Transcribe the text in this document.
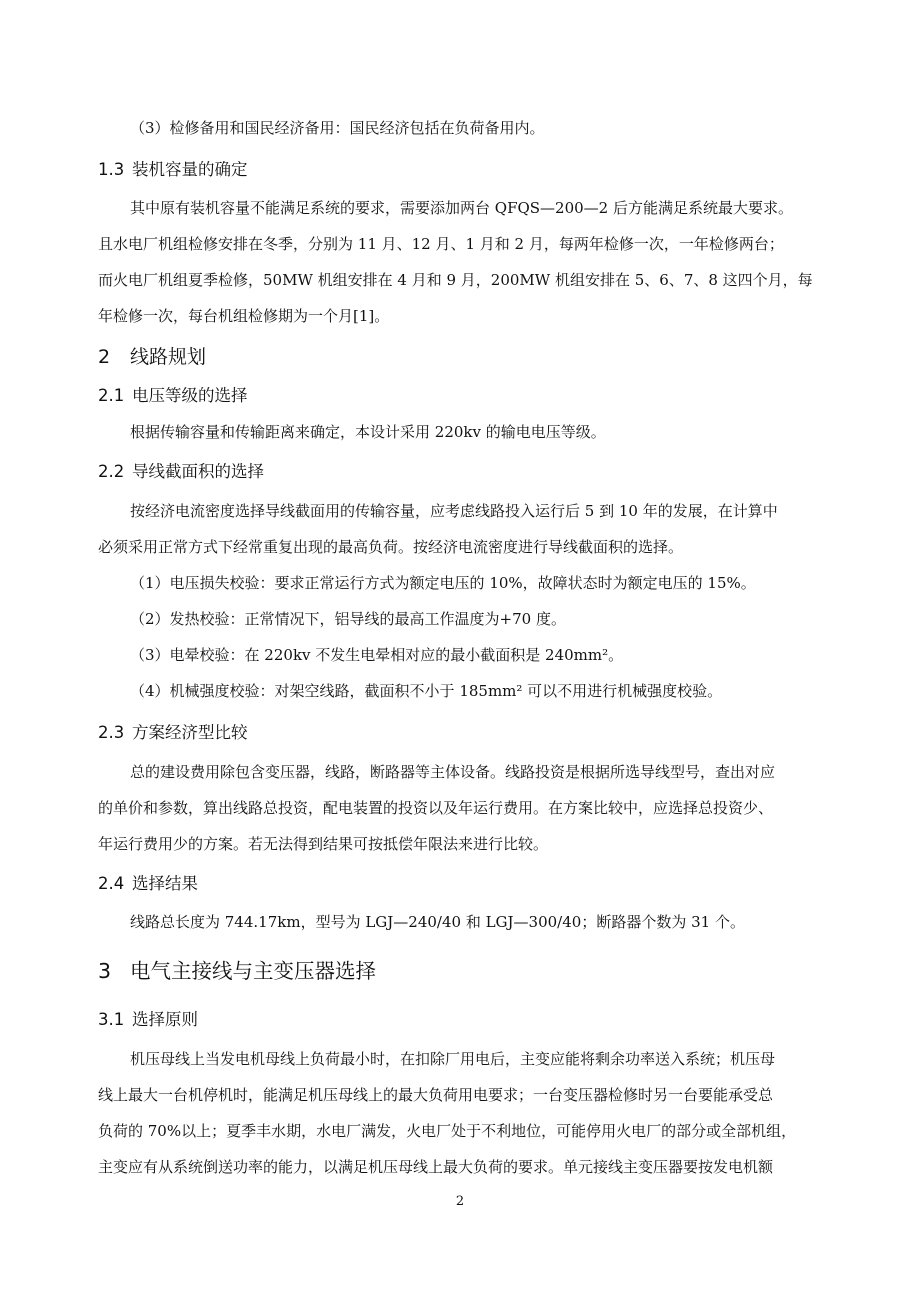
（3）检修备用和国民经济备用：国民经济包括在负荷备用内。
1.3 装机容量的确定
其中原有装机容量不能满足系统的要求，需要添加两台 QFQS—200—2 后方能满足系统最大要求。
且水电厂机组检修安排在冬季，分别为 11 月、12 月、1 月和 2 月，每两年检修一次，一年检修两台；
而火电厂机组夏季检修，50MW 机组安排在 4 月和 9 月，200MW 机组安排在 5、6、7、8 这四个月，每
年检修一次，每台机组检修期为一个月[1]。
2 线路规划
2.1 电压等级的选择
根据传输容量和传输距离来确定，本设计采用 220kv 的输电电压等级。
2.2 导线截面积的选择
按经济电流密度选择导线截面用的传输容量，应考虑线路投入运行后 5 到 10 年的发展，在计算中
必须采用正常方式下经常重复出现的最高负荷。按经济电流密度进行导线截面积的选择。
（1）电压损失校验：要求正常运行方式为额定电压的 10%，故障状态时为额定电压的 15%。
（2）发热校验：正常情况下，铝导线的最高工作温度为+70 度。
（3）电晕校验：在 220kv 不发生电晕相对应的最小截面积是 240mm²。
（4）机械强度校验：对架空线路，截面积不小于 185mm² 可以不用进行机械强度校验。
2.3 方案经济型比较
总的建设费用除包含变压器，线路，断路器等主体设备。线路投资是根据所选导线型号，查出对应
的单价和参数，算出线路总投资，配电装置的投资以及年运行费用。在方案比较中，应选择总投资少、
年运行费用少的方案。若无法得到结果可按抵偿年限法来进行比较。
2.4 选择结果
线路总长度为 744.17km，型号为 LGJ—240/40 和 LGJ—300/40；断路器个数为 31 个。
3 电气主接线与主变压器选择
3.1 选择原则
机压母线上当发电机母线上负荷最小时，在扣除厂用电后，主变应能将剩余功率送入系统；机压母
线上最大一台机停机时，能满足机压母线上的最大负荷用电要求；一台变压器检修时另一台要能承受总
负荷的 70%以上；夏季丰水期，水电厂满发，火电厂处于不利地位，可能停用火电厂的部分或全部机组，
主变应有从系统倒送功率的能力，以满足机压母线上最大负荷的要求。单元接线主变压器要按发电机额
2
